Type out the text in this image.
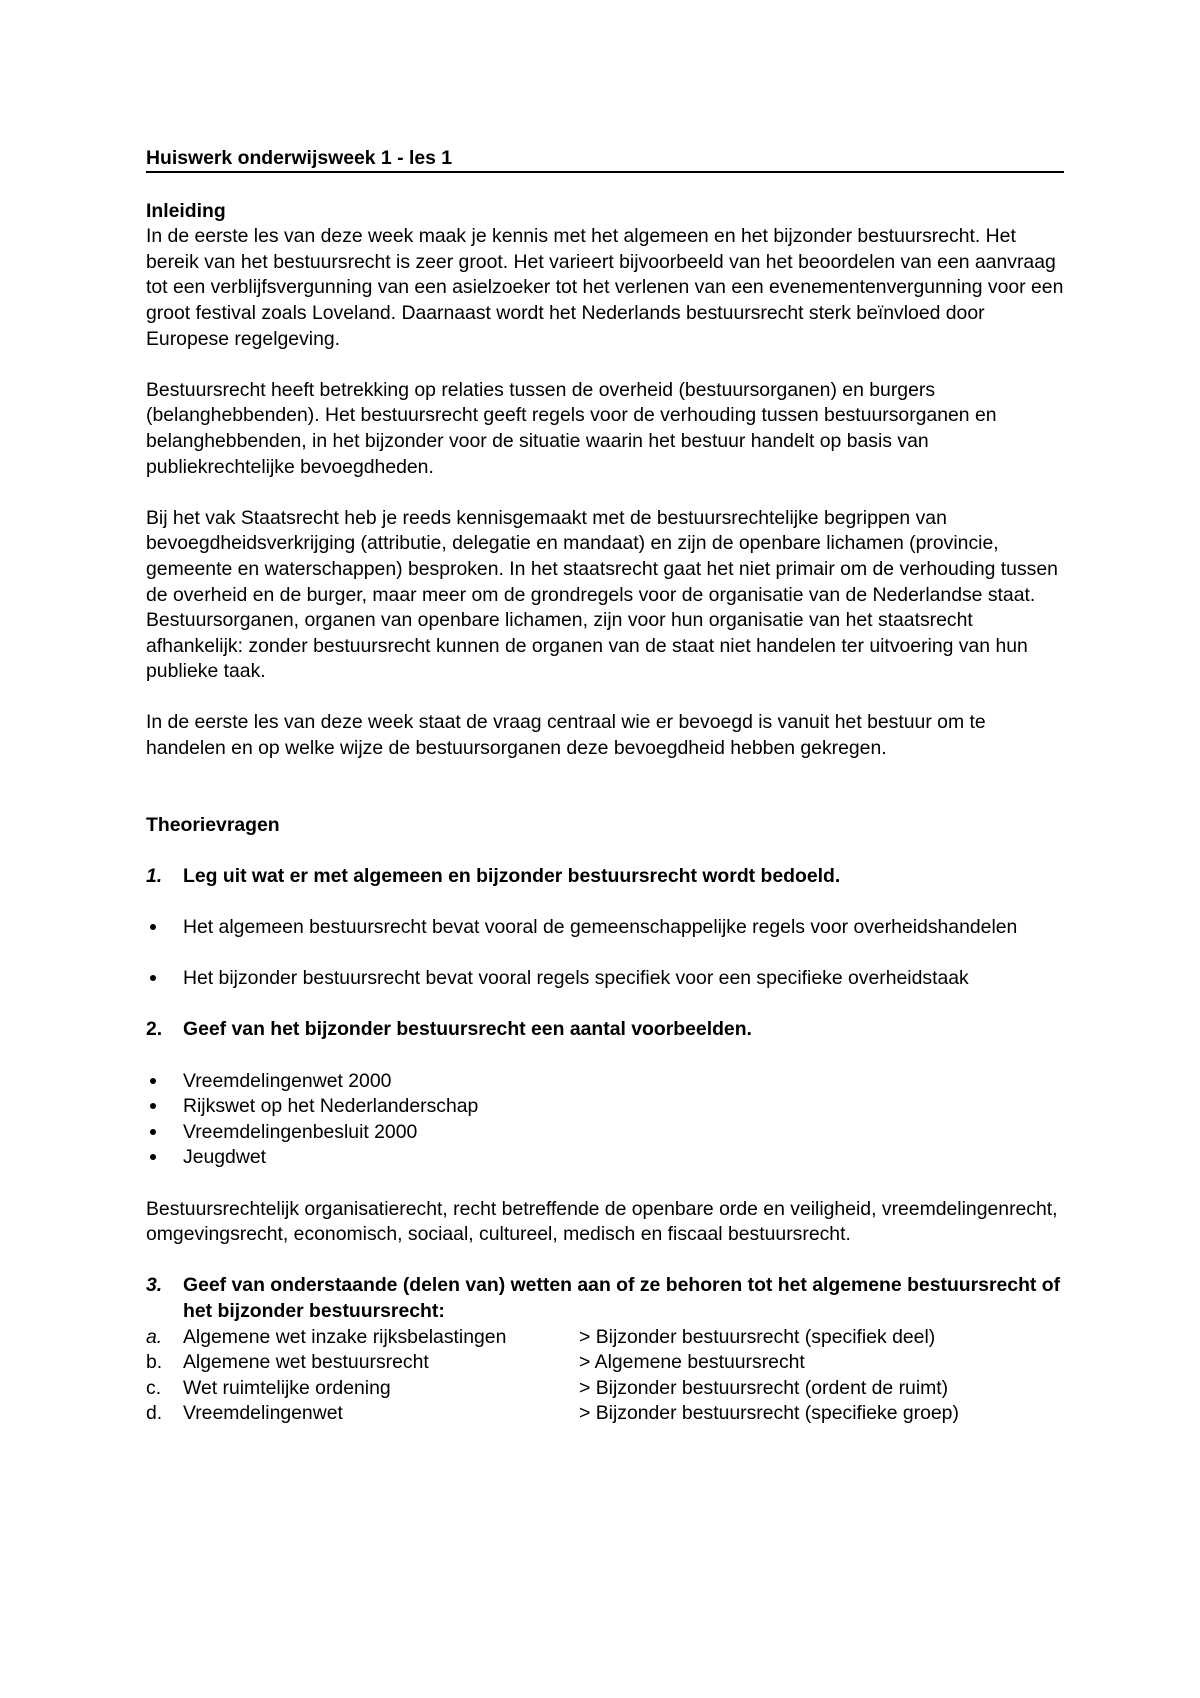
Huiswerk onderwijsweek 1 - les 1
Inleiding

In de eerste les van deze week maak je kennis met het algemeen en het bijzonder bestuursrecht. Het bereik van het bestuursrecht is zeer groot. Het varieert bijvoorbeeld van het beoordelen van een aanvraag tot een verblijfsvergunning van een asielzoeker tot het verlenen van een evenementenvergunning voor een groot festival zoals Loveland. Daarnaast wordt het Nederlands bestuursrecht sterk beïnvloed door Europese regelgeving.

Bestuursrecht heeft betrekking op relaties tussen de overheid (bestuursorganen) en burgers (belanghebbenden). Het bestuursrecht geeft regels voor de verhouding tussen bestuursorganen en belanghebbenden, in het bijzonder voor de situatie waarin het bestuur handelt op basis van publiekrechtelijke bevoegdheden.

Bij het vak Staatsrecht heb je reeds kennisgemaakt met de bestuursrechtelijke begrippen van bevoegdheidsverkrijging (attributie, delegatie en mandaat) en zijn de openbare lichamen (provincie, gemeente en waterschappen) besproken. In het staatsrecht gaat het niet primair om de verhouding tussen de overheid en de burger, maar meer om de grondregels voor de organisatie van de Nederlandse staat. Bestuursorganen, organen van openbare lichamen, zijn voor hun organisatie van het staatsrecht afhankelijk: zonder bestuursrecht kunnen de organen van de staat niet handelen ter uitvoering van hun publieke taak.

In de eerste les van deze week staat de vraag centraal wie er bevoegd is vanuit het bestuur om te handelen en op welke wijze de bestuursorganen deze bevoegdheid hebben gekregen.

Theorievragen
1.	Leg uit wat er met algemeen en bijzonder bestuursrecht wordt bedoeld.
Het algemeen bestuursrecht bevat vooral de gemeenschappelijke regels voor overheidshandelen
Het bijzonder bestuursrecht bevat vooral regels specifiek voor een specifieke overheidstaak
2.	Geef van het bijzonder bestuursrecht een aantal voorbeelden.
Vreemdelingenwet 2000
Rijkswet op het Nederlanderschap
Vreemdelingenbesluit 2000
Jeugdwet

Bestuursrechtelijk organisatierecht, recht betreffende de openbare orde en veiligheid, vreemdelingenrecht, omgevingsrecht, economisch, sociaal, cultureel, medisch en fiscaal bestuursrecht.

3.	Geef van onderstaande (delen van) wetten aan of ze behoren tot het algemene bestuursrecht of het bijzonder bestuursrecht:
a.	Algemene wet inzake rijksbelastingen	> Bijzonder bestuursrecht (specifiek deel)
b.	Algemene wet bestuursrecht	> Algemene bestuursrecht
c.	Wet ruimtelijke ordening	> Bijzonder bestuursrecht (ordent de ruimt)
d.	Vreemdelingenwet	> Bijzonder bestuursrecht (specifieke groep)
